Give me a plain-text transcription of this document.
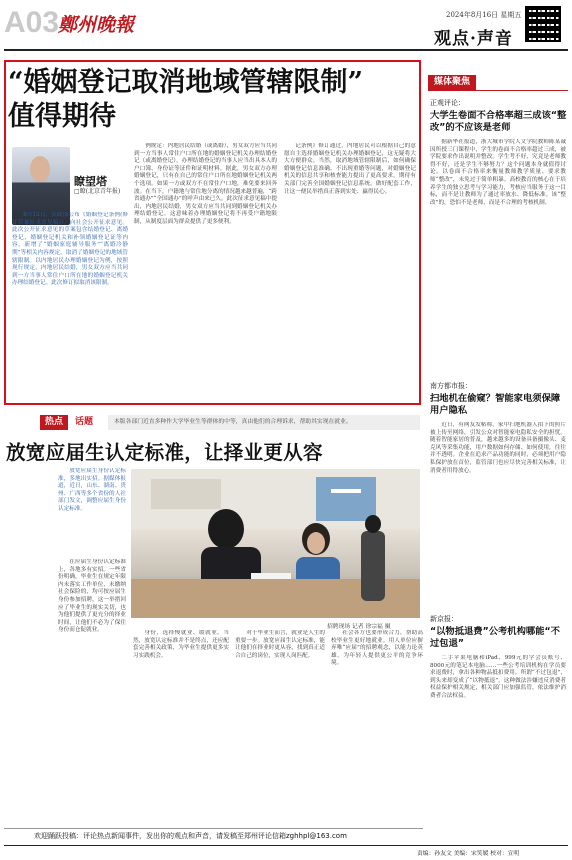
A03
鄭州晚報	2024年8月16日 星期五
观点·声音
“婚姻登记取消地域管辖限制”
值得期待
瞭望塔
□瞭(北京青年报)

8月12日，民政部公布《婚姻登记条例(修订草案征求意见稿)》，向社会公开征求意见。此次公开征求意见的草案包含结婚登记、离婚登记、婚姻登记机关和补领婚姻登记证等内容，新增了“婚姻家庭辅导服务”“离婚冷静期”等相关内容规定，取消了婚姻登记的地域管辖限制。以内地居民办理婚姻登记为例，按照现行规定，内地居民结婚，男女双方应当共同到一方当事人常住户口所在地的婚姻登记机关办理结婚登记。此次修订拟取消该限制。

例规定：内地居民结婚（或离婚），男女双方应当共同到一方当事人常住户口所在地的婚姻登记机关办理结婚登记（或离婚登记）。办理结婚登记的当事人应当出具本人的户口簿、身份证等证件和证明材料。据此，男女双方办理婚姻登记，只有在自己的常住户口所在地婚姻登记机关两个选项。如果一方或双方不在常住户口地，难免要来回奔波。在当下，户籍地与常住地分离的情况越来越普遍，“跨省通办”“全国通办”的呼声由来已久。此次征求意见稿中提出，内地居民结婚，男女双方应当共同到婚姻登记机关办理结婚登记。这意味着办理婚姻登记将不再受户籍地限制，从制度层面为群众提供了更多便利。

记条例》修订通过，内地居民可以根据自己的意愿自主选择婚姻登记机关办理婚姻登记，这无疑将大大方便群众。当然，取消地域管辖限制后，如何确保婚姻登记信息准确、不出现重婚等问题，对婚姻登记机关的信息共享和核查能力提出了更高要求。期待有关部门完善全国婚姻登记信息系统，做好配套工作，让这一便民举措真正落到实处、赢得民心。

媒体聚焦
正观评论：
大学生卷面不合格率超三成该“整改”的不应该是老师

据新华社报道，浙大城市学院人文学院教师陈某诚因所授三门课程中，学生的卷面不合格率超过三成，被学院要求作出说明并整改。学生考不好，究竟是老师教得不好，还是学生不够努力？这个问题本身就值得讨论。以卷面不合格率来衡量教师教学质量、要求教师“整改”，未免过于简单粗暴。高校教育的核心在于培养学生的独立思考与学习能力，考核应当服务于这一目标，而不是让教师为了通过率放水、降低标准。该“整改”的，恐怕不是老师，而是不合理的考核机制。

南方都市报：
扫地机在偷窥？智能家电须保障用户隐私

近日，有网友发帖称，家中扫地机器人拍下的照片被上传至网络，引发公众对智能家电隐私安全的担忧。随着智能家居的普及，越来越多的设备具备摄像头、麦克风等采集功能，用户数据如何存储、如何使用，往往并不透明。企业在追求产品功能的同时，必须把用户隐私保护放在首位，监管部门也应尽快完善相关标准，让消费者用得放心。

新京报：
“以物抵退费”公考机构哪能“不过包退”

二手苹果电脑和iPad、999元的学会员账号、8000元的笔记本电脑……一些公考培训机构在学员要求退费时，拿出各种物品抵扣费用。所谓“不过包退”，到头来却变成了“以物抵退”。这种做法涉嫌违反消费者权益保护相关规定，相关部门应加强监管，依法维护消费者合法权益。

热点	话题	本版各部门近直多种作大学毕业生等群体的中等，真由他们的合理诉求，帮助其实现在就业。
放宽应届生认定标准，让择业更从容

放宽应届生身份认定标准，多地出实招。据媒体报道，近日，山东、湖南、贵州、广西等多个省份的人社部门发文，调整应届生身份认定标准。

招聘现场 记者 徐宗福 摄

在应届生身份认定标准上，各地多有实招。一些省份明确，毕业生在规定年限内未落实工作单位、未缴纳社会保险的，均可按应届生身份参加招聘。这一举措回应了毕业生的现实关切，也为他们提供了更充分的择业时间，让他们不必为了保住身份而仓促就业。	身份，选择慢就业、缓就业。当然，放宽认定标准并不是终点，还应配套完善相关政策，为毕业生提供更多实习实践机会。

对于毕业生而言，就业是人生的重要一步。放宽应届生认定标准，能让他们在择业时更从容，找到真正适合自己的岗位，实现人岗匹配。

社会各方也要形成合力，帮助高校毕业生更好地就业。用人单位应摒弃唯“应届”的招聘观念，以能力论英雄，为年轻人提供更公平的竞争环境。

欢迎踊跃投稿：评论热点新闻事件，发出你的观点和声音，请发稿至郑州评论信箱zghhpl@163.com
责编：孙友文 美编：宋笑媛 校对：宣明
